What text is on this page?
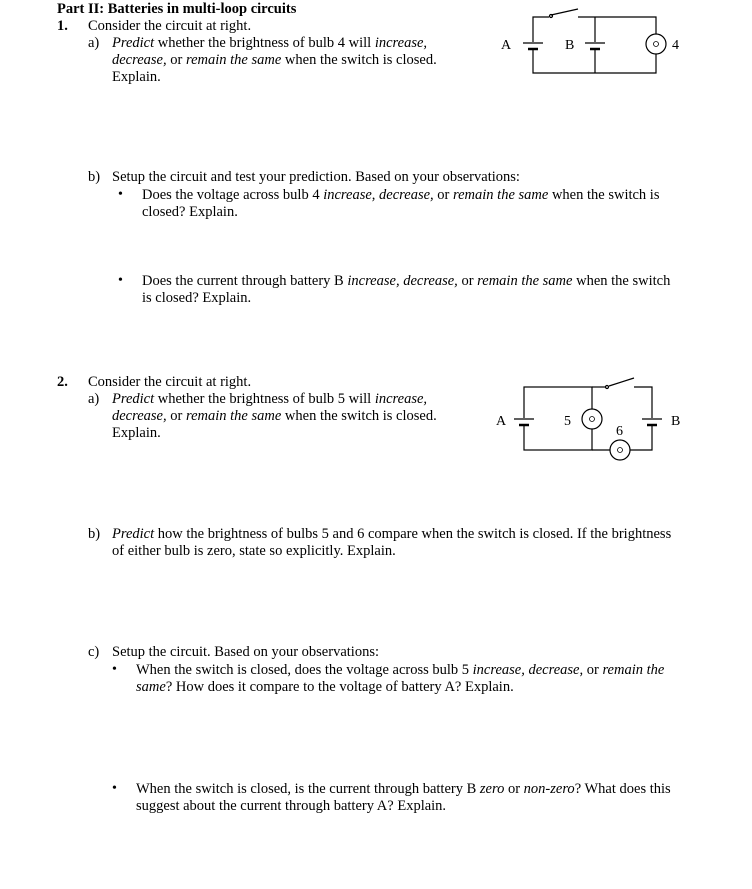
Part II: Batteries in multi-loop circuits
1. Consider the circuit at right.
a) Predict whether the brightness of bulb 4 will increase,
decrease, or remain the same when the switch is closed.
Explain.
b) Setup the circuit and test your prediction. Based on your observations:
• Does the voltage across bulb 4 increase, decrease, or remain the same when the switch is
closed? Explain.
• Does the current through battery B increase, decrease, or remain the same when the switch
is closed? Explain.
2. Consider the circuit at right.
a) Predict whether the brightness of bulb 5 will increase,
decrease, or remain the same when the switch is closed.
Explain.
b) Predict how the brightness of bulbs 5 and 6 compare when the switch is closed. If the brightness
of either bulb is zero, state so explicitly. Explain.
c) Setup the circuit. Based on your observations:
• When the switch is closed, does the voltage across bulb 5 increase, decrease, or remain the
same? How does it compare to the voltage of battery A? Explain.
• When the switch is closed, is the current through battery B zero or non-zero? What does this
suggest about the current through battery A? Explain.
A	B	4
A	5
6
B
